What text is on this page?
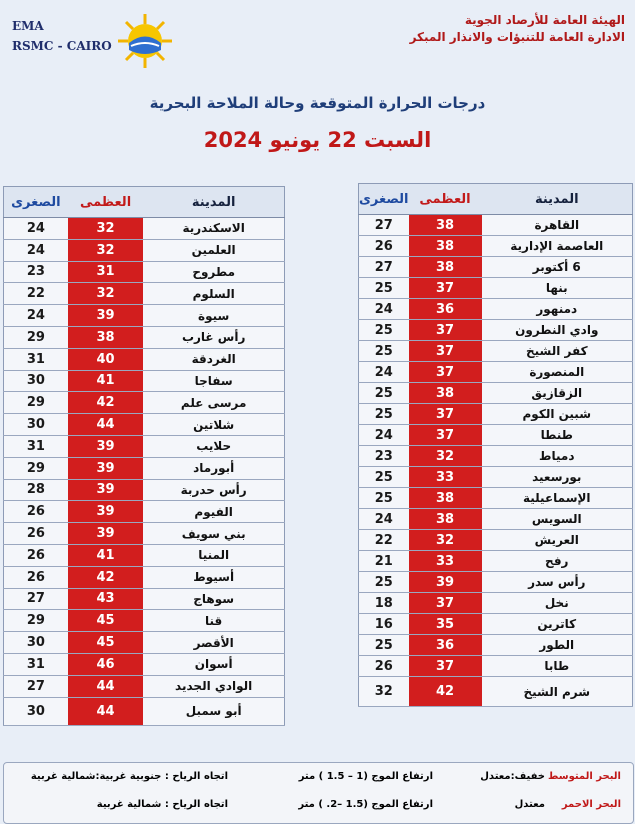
EMA
RSMC - CAIRO
الهيئة العامة للأرصاد الجوية
الادارة العامة للتنبؤات والانذار المبكر
درجات الحرارة المتوقعة وحالة الملاحة البحرية
السبت 22 يونيو 2024
المدينة	العظمى	الصغرى
القاهرة	38	27
العاصمة الإدارية	38	26
6 أكتوبر	38	27
بنها	37	25
دمنهور	36	24
وادي النطرون	37	25
كفر الشيخ	37	25
المنصورة	37	24
الزقازيق	38	25
شبين الكوم	37	25
طنطا	37	24
دمياط	32	23
بورسعيد	33	25
الإسماعيلية	38	25
السويس	38	24
العريش	32	22
رفح	33	21
رأس سدر	39	25
نخل	37	18
كاترين	35	16
الطور	36	25
طابا	37	26
شرم الشيخ	42	32
المدينة	العظمى	الصغرى
الاسكندرية	32	24
العلمين	32	24
مطروح	31	23
السلوم	32	22
سيوة	39	24
رأس غارب	38	29
الغردقة	40	31
سفاجا	41	30
مرسى علم	42	29
شلاتين	44	30
حلايب	39	31
أبورماد	39	29
رأس حدربة	39	28
الفيوم	39	26
بني سويف	39	26
المنيا	41	26
أسيوط	42	26
سوهاج	43	27
قنا	45	29
الأقصر	45	30
أسوان	46	31
الوادي الجديد	44	27
أبو سمبل	44	30
البحر المتوسط
خفيف:معتدل
ارتفاع الموج (1 – 1.5 ) متر
اتجاه الرياح : جنوبية غربية:شمالية غربية
البحر الاحمر
معتدل
ارتفاع الموج (1.5 –2. ) متر
اتجاه الرياح : شمالية غربية
